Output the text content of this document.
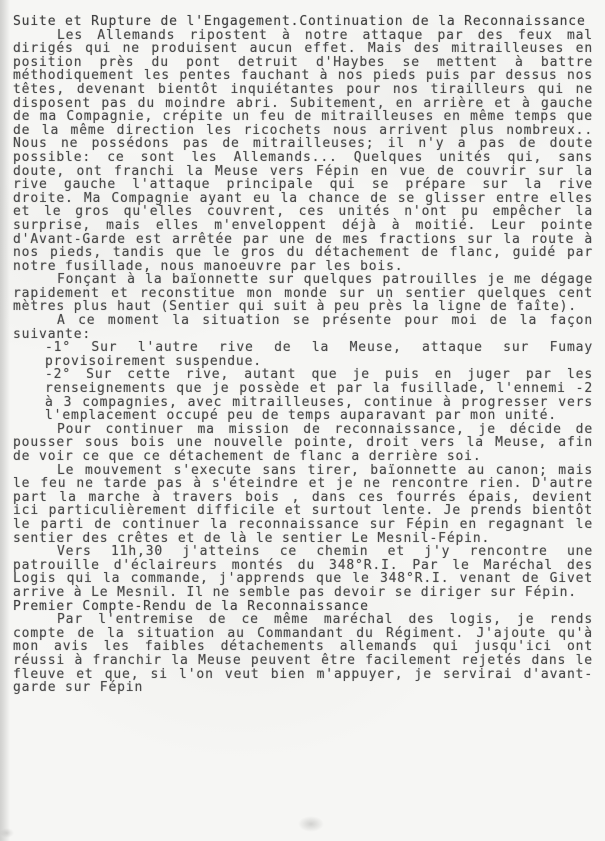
Suite et Rupture de l'Engagement.Continuation de la Reconnaissance

Les Allemands ripostent à notre attaque par des feux mal dirigés qui ne produisent aucun effet. Mais des mitrailleuses en position près du pont detruit d'Haybes se mettent à battre méthodiquement les pentes fauchant à nos pieds puis par dessus nos têtes, devenant bientôt inquiétantes pour nos tirailleurs qui ne disposent pas du moindre abri. Subitement, en arrière et à gauche de ma Compagnie, crépite un feu de mitrailleuses en même temps que de la même direction les ricochets nous arrivent plus nombreux.. Nous ne possédons pas de mitrailleuses; il n'y a pas de doute possible: ce sont les Allemands... Quelques unités qui, sans doute, ont franchi la Meuse vers Fépin en vue de couvrir sur la rive gauche l'attaque principale qui se prépare sur la rive droite. Ma Compagnie ayant eu la chance de se glisser entre elles et le gros qu'elles couvrent, ces unités n'ont pu empêcher la surprise, mais elles m'enveloppent déjà à moitié. Leur pointe d'Avant-Garde est arrêtée par une de mes fractions sur la route à nos pieds, tandis que le gros du détachement de flanc, guidé par notre fusillade, nous manoeuvre par les bois.

Fonçant à la baïonnette sur quelques patrouilles je me dégage rapidement et reconstitue mon monde sur un sentier quelques cent mètres plus haut (Sentier qui suit à peu près la ligne de faîte).

A ce moment la situation se présente pour moi de la façon suivante:

-1° Sur l'autre rive de la Meuse, attaque sur Fumay provisoirement suspendue.

-2° Sur cette rive, autant que je puis en juger par les renseignements que je possède et par la fusillade, l'ennemi -2 à 3 compagnies, avec mitrailleuses, continue à progresser vers l'emplacement occupé peu de temps auparavant par mon unité.

Pour continuer ma mission de reconnaissance, je décide de pousser sous bois une nouvelle pointe, droit vers la Meuse, afin de voir ce que ce détachement de flanc a derrière soi.

Le mouvement s'execute sans tirer, baïonnette au canon; mais le feu ne tarde pas à s'éteindre et je ne rencontre rien. D'autre part la marche à travers bois , dans ces fourrés épais, devient ici particulièrement difficile et surtout lente. Je prends bientôt le parti de continuer la reconnaissance sur Fépin en regagnant le sentier des crêtes et de là le sentier Le Mesnil-Fépin.

Vers 11h,30 j'atteins ce chemin et j'y rencontre une patrouille d'éclaireurs montés du 348°R.I. Par le Maréchal des Logis qui la commande, j'apprends que le 348°R.I. venant de Givet arrive à Le Mesnil. Il ne semble pas devoir se diriger sur Fépin.

Premier Compte-Rendu de la Reconnaissance

Par l'entremise de ce même maréchal des logis, je rends compte de la situation au Commandant du Régiment. J'ajoute qu'à mon avis les faibles détachements allemands qui jusqu'ici ont réussi à franchir la Meuse peuvent être facilement rejetés dans le fleuve et que, si l'on veut bien m'appuyer, je servirai d'avant-garde sur Fépin
